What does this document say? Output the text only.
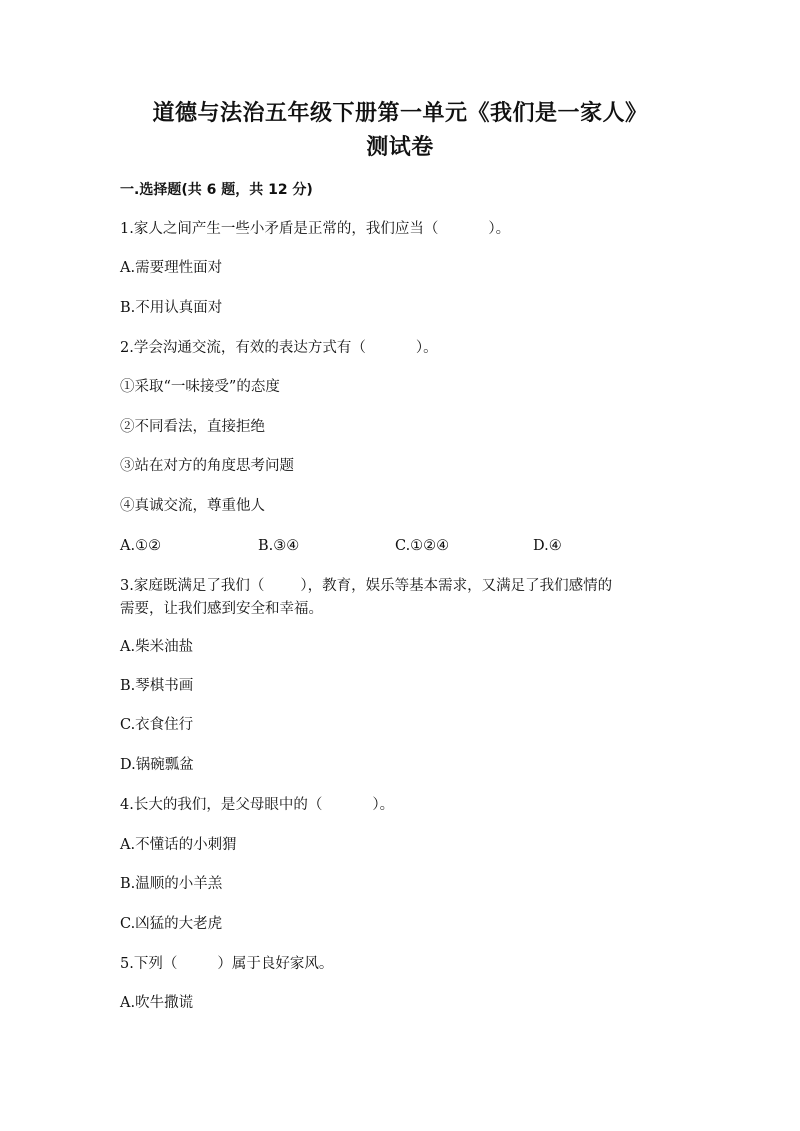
道德与法治五年级下册第一单元《我们是一家人》
测试卷
一.选择题(共 6 题，共 12 分)
1.家人之间产生一些小矛盾是正常的，我们应当（	）。
A.需要理性面对
B.不用认真面对
2.学会沟通交流，有效的表达方式有（	）。
①采取“一味接受”的态度
②不同看法，直接拒绝
③站在对方的角度思考问题
④真诚交流，尊重他人
A.①②	B.③④	C.①②④	D.④
3.家庭既满足了我们（ ），教育，娱乐等基本需求，又满足了我们感情的
需要，让我们感到安全和幸福。
A.柴米油盐
B.琴棋书画
C.衣食住行
D.锅碗瓢盆
4.长大的我们，是父母眼中的（	）。
A.不懂话的小刺猬
B.温顺的小羊羔
C.凶猛的大老虎
5.下列（	）属于良好家风。
A.吹牛撒谎
